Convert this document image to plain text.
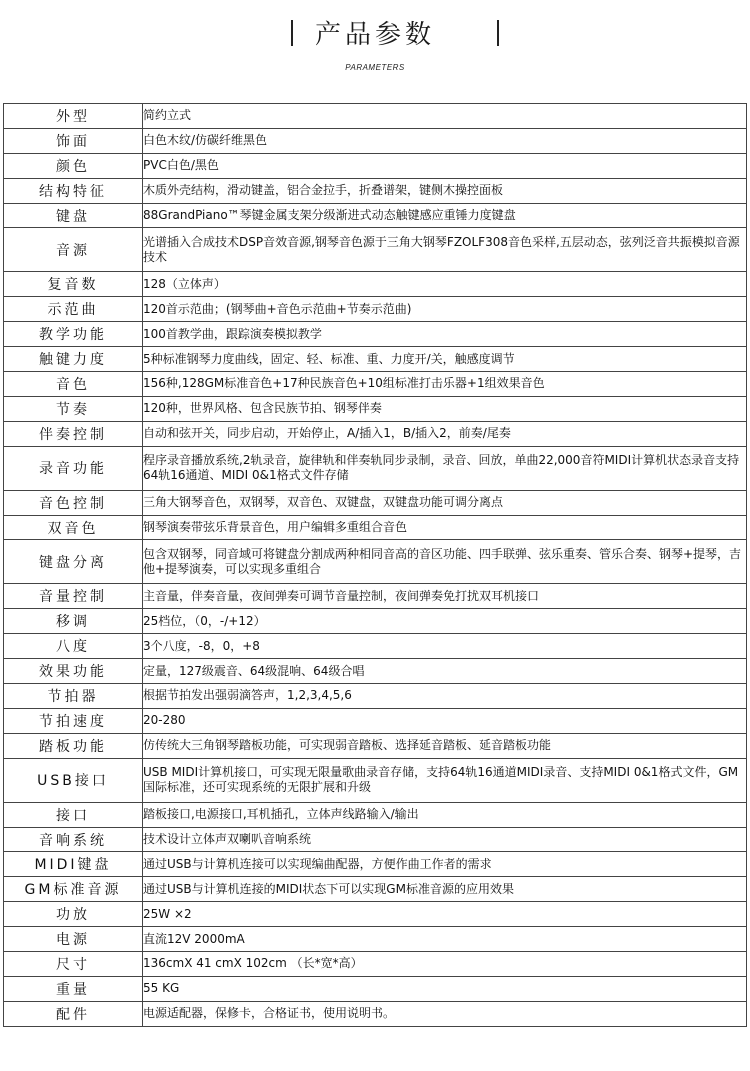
产品参数
PARAMETERS
外型	简约立式
饰面	白色木纹/仿碳纤维黑色
颜色	PVC白色/黑色
结构特征	木质外壳结构，滑动键盖，铝合金拉手，折叠谱架，键侧木操控面板
键盘	88GrandPiano™琴键金属支架分级渐进式动态触键感应重锤力度键盘
音源	光谱插入合成技术DSP音效音源,钢琴音色源于三角大钢琴FZOLF308音色采样,五层动态，弦列泛音共振模拟音源技术
复音数	128（立体声）
示范曲	120首示范曲；(钢琴曲+音色示范曲+节奏示范曲)
教学功能	100首教学曲，跟踪演奏模拟教学
触键力度	5种标准钢琴力度曲线，固定、轻、标准、重、力度开/关，触感度调节
音色	156种,128GM标准音色+17种民族音色+10组标准打击乐器+1组效果音色
节奏	120种，世界风格、包含民族节拍、钢琴伴奏
伴奏控制	自动和弦开关，同步启动，开始停止，A/插入1，B/插入2，前奏/尾奏
录音功能	程序录音播放系统,2轨录音，旋律轨和伴奏轨同步录制，录音、回放，单曲22,000音符MIDI计算机状态录音支持64轨16通道、MIDI 0&1格式文件存储
音色控制	三角大钢琴音色，双钢琴，双音色、双键盘，双键盘功能可调分离点
双音色	钢琴演奏带弦乐背景音色，用户编辑多重组合音色
键盘分离	包含双钢琴，同音域可将键盘分割成两种相同音高的音区功能、四手联弹、弦乐重奏、管乐合奏、钢琴+提琴，吉他+提琴演奏，可以实现多重组合
音量控制	主音量，伴奏音量，夜间弹奏可调节音量控制，夜间弹奏免打扰双耳机接口
移调	25档位，（0，-/+12）
八度	3个八度，-8，0，+8
效果功能	定量，127级震音、64级混响、64级合唱
节拍器	根据节拍发出强弱滴答声，1,2,3,4,5,6
节拍速度	20-280
踏板功能	仿传统大三角钢琴踏板功能，可实现弱音踏板、选择延音踏板、延音踏板功能
USB接口	USB MIDI计算机接口，可实现无限量歌曲录音存储，支持64轨16通道MIDI录音、支持MIDI 0&1格式文件，GM国际标准，还可实现系统的无限扩展和升级
接口	踏板接口,电源接口,耳机插孔，立体声线路输入/输出
音响系统	技术设计立体声双喇叭音响系统
MIDI键盘	通过USB与计算机连接可以实现编曲配器，方便作曲工作者的需求
GM标准音源	通过USB与计算机连接的MIDI状态下可以实现GM标准音源的应用效果
功放	25W ×2
电源	直流12V 2000mA
尺寸	136cmX 41 cmX 102cm （长*宽*高）
重量	55 KG
配件	电源适配器，保修卡，合格证书，使用说明书。
